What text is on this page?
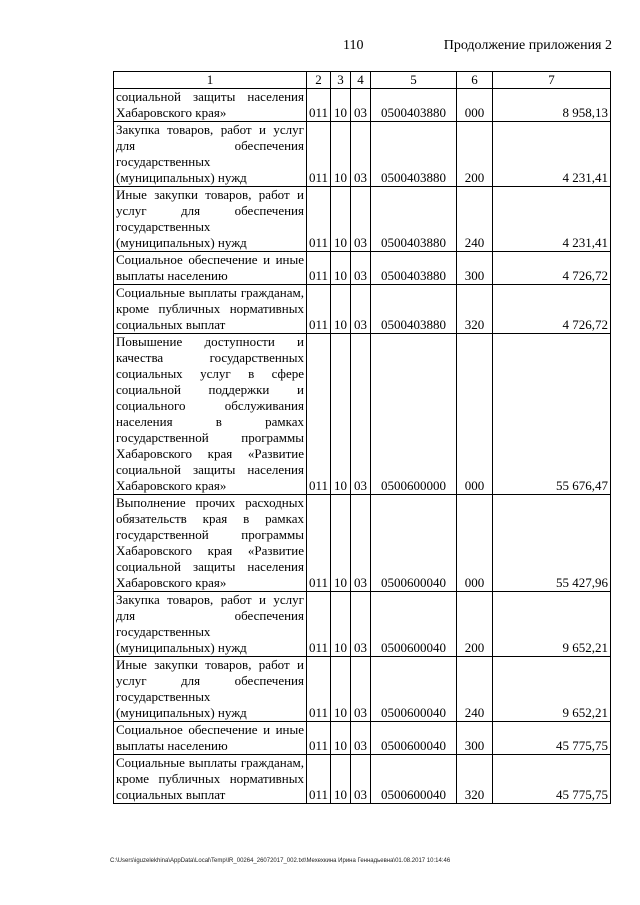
110	Продолжение приложения 2
1	2	3	4	5	6	7
социальной защиты населения Хабаровского края»	011	10	03	0500403880	000	8 958,13
Закупка товаров, работ и услуг для обеспечения государственных (муниципальных) нужд	011	10	03	0500403880	200	4 231,41
Иные закупки товаров, работ и услуг для обеспечения государственных (муниципальных) нужд	011	10	03	0500403880	240	4 231,41
Социальное обеспечение и иные выплаты населению	011	10	03	0500403880	300	4 726,72
Социальные выплаты гражданам, кроме публичных нормативных социальных выплат	011	10	03	0500403880	320	4 726,72
Повышение доступности и качества государственных социальных услуг в сфере социальной поддержки и социального обслуживания населения в рамках государственной программы Хабаровского края «Развитие социальной защиты населения Хабаровского края»	011	10	03	0500600000	000	55 676,47
Выполнение прочих расходных обязательств края в рамках государственной программы Хабаровского края «Развитие социальной защиты населения Хабаровского края»	011	10	03	0500600040	000	55 427,96
Закупка товаров, работ и услуг для обеспечения государственных (муниципальных) нужд	011	10	03	0500600040	200	9 652,21
Иные закупки товаров, работ и услуг для обеспечения государственных (муниципальных) нужд	011	10	03	0500600040	240	9 652,21
Социальное обеспечение и иные выплаты населению	011	10	03	0500600040	300	45 775,75
Социальные выплаты гражданам, кроме публичных нормативных социальных выплат	011	10	03	0500600040	320	45 775,75
C:\Users\iguzelekhina\AppData\Local\Temp\IR_00264_26072017_002.txt\Мехехкина Ирина Геннадьевна\01.08.2017 10:14:46
